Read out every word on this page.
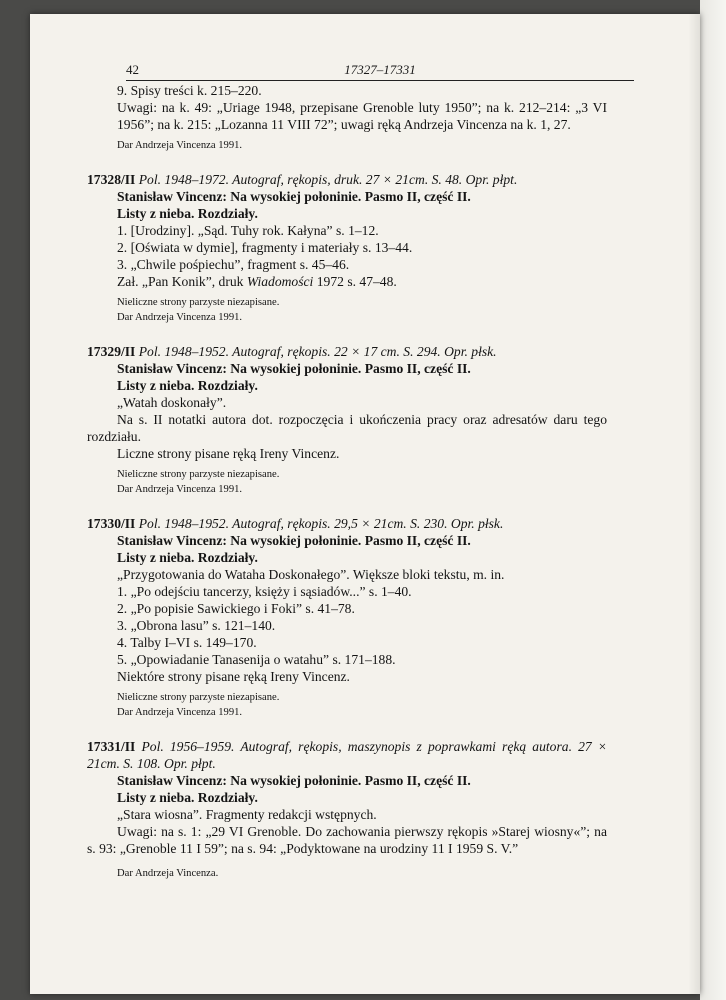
42	17327–17331

9. Spisy treści k. 215–220.

Uwagi: na k. 49: „Uriage 1948, przepisane Grenoble luty 1950”; na k. 212–214: „3 VI 1956”; na k. 215: „Lozanna 11 VIII 72”; uwagi ręką Andrzeja Vincenza na k. 1, 27.

Dar Andrzeja Vincenza 1991.

17328/II Pol. 1948–1972. Autograf, rękopis, druk. 27 × 21cm. S. 48. Opr. płpt.

Stanisław Vincenz: Na wysokiej połoninie. Pasmo II, część II.

Listy z nieba. Rozdziały.

1. [Urodziny]. „Sąd. Tuhy rok. Kałyna” s. 1–12.

2. [Oświata w dymie], fragmenty i materiały s. 13–44.

3. „Chwile pośpiechu”, fragment s. 45–46.

Zał. „Pan Konik”, druk Wiadomości 1972 s. 47–48.

Nieliczne strony parzyste niezapisane.

Dar Andrzeja Vincenza 1991.

17329/II Pol. 1948–1952. Autograf, rękopis. 22 × 17 cm. S. 294. Opr. płsk.

Stanisław Vincenz: Na wysokiej połoninie. Pasmo II, część II.

Listy z nieba. Rozdziały.

„Watah doskonały”.

Na s. II notatki autora dot. rozpoczęcia i ukończenia pracy oraz adresatów daru tego rozdziału.

Liczne strony pisane ręką Ireny Vincenz.

Nieliczne strony parzyste niezapisane.

Dar Andrzeja Vincenza 1991.

17330/II Pol. 1948–1952. Autograf, rękopis. 29,5 × 21cm. S. 230. Opr. płsk.

Stanisław Vincenz: Na wysokiej połoninie. Pasmo II, część II.

Listy z nieba. Rozdziały.

„Przygotowania do Wataha Doskonałego”. Większe bloki tekstu, m. in.

1. „Po odejściu tancerzy, księży i sąsiadów...” s. 1–40.

2. „Po popisie Sawickiego i Foki” s. 41–78.

3. „Obrona lasu” s. 121–140.

4. Talby I–VI s. 149–170.

5. „Opowiadanie Tanasenija o watahu” s. 171–188.

Niektóre strony pisane ręką Ireny Vincenz.

Nieliczne strony parzyste niezapisane.

Dar Andrzeja Vincenza 1991.

17331/II Pol. 1956–1959. Autograf, rękopis, maszynopis z poprawkami ręką autora. 27 × 21cm. S. 108. Opr. płpt.

Stanisław Vincenz: Na wysokiej połoninie. Pasmo II, część II.

Listy z nieba. Rozdziały.

„Stara wiosna”. Fragmenty redakcji wstępnych.

Uwagi: na s. 1: „29 VI Grenoble. Do zachowania pierwszy rękopis »Starej wiosny«”; na s. 93: „Grenoble 11 I 59”; na s. 94: „Podyktowane na urodziny 11 I 1959 S. V.”

Dar Andrzeja Vincenza.
